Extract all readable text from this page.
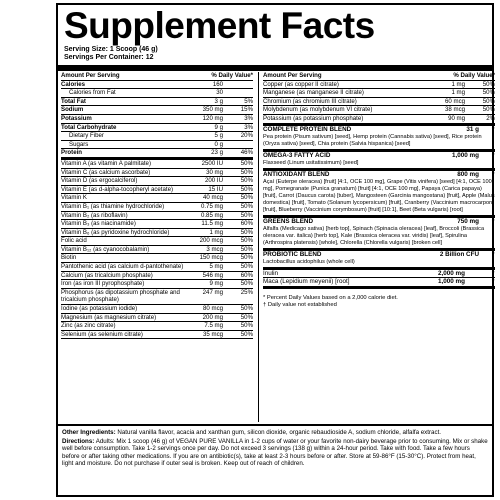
Supplement Facts
Serving Size: 1 Scoop (46 g)
Servings Per Container: 12
Amount Per Serving	% Daily Value*
Calories	160
Calories from Fat	30
Total Fat	3 g	5%
Sodium	350 mg	15%
Potassium	120 mg	3%
Total Carbohydrate	9 g	3%
Dietary Fiber	5 g	20%
Sugars	0 g
Protein	23 g	46%
Vitamin A (as vitamin A palmitate)	2500 IU	50%
Vitamin C (as calcium ascorbate)	30 mg	50%
Vitamin D (as ergocalciferol)	200 IU	50%
Vitamin E (as d-alpha-tocopheryl acetate)	15 IU	50%
Vitamin K	40 mcg	50%
Vitamin B₁ (as thiamine hydrochloride)	0.75 mg	50%
Vitamin B₂ (as riboflavin)	0.85 mg	50%
Vitamin B₃ (as niacinamide)	11.5 mg	60%
Vitamin B₆ (as pyridoxine hydrochloride)	1 mg	50%
Folic acid	200 mcg	50%
Vitamin B₁₂ (as cyanocobalamin)	3 mcg	50%
Biotin	150 mcg	50%
Pantothenic acid (as calcium d-pantothenate)	5 mg	50%
Calcium (as tricalcium phosphate)	546 mg	60%
Iron (as iron III pyrophosphate)	9 mg	50%
Phosphorus (as dipotassium phosphate and tricalcium phosphate)
247 mg	25%
Iodine (as potassium iodide)	80 mcg	50%
Magnesium (as magnesium citrate)	200 mg	50%
Zinc (as zinc citrate)	7.5 mg	50%
Selenium (as selenium citrate)	35 mcg	50%
Amount Per Serving	% Daily Value*
Copper (as copper II citrate)	1 mg	50%
Manganese (as manganese II citrate)	1 mg	50%
Chromium (as chromium III citrate)	60 mcg	50%
Molybdenum (as molybdenum VI citrate)	38 mcg	50%
Potassium (as potassium phosphate)	90 mg	2%
COMPLETE PROTEIN BLEND	31 g	†
Pea protein (Pisum sativum) [seed], Hemp protein (Cannabis sativa) [seed], Rice protein (Oryza sativa) [seed], Chia protein (Salvia hispanica) [seed]
OMEGA-3 FATTY ACID	1,000 mg	†
Flaxseed (Linum usitatissimum) [seed]
ANTIOXIDANT BLEND	800 mg	†
Açaí (Euterpe oleracea) [fruit] [4:1, OCE 100 mg], Grape (Vitis vinifera) [seed] [4:1, OCE 100 mg], Pomegranate (Punica granatum) [fruit] [4:1, OCE 100 mg], Papaya (Carica papaya) [fruit], Carrot (Daucus carota) [tuber], Mangosteen (Garcinia mangostana) [fruit], Apple (Malus domestica) [fruit], Tomato (Solanum lycopersicum) [fruit], Cranberry (Vaccinium macrocarpon) [fruit], Blueberry (Vaccinium corymbosum) [fruit] [10:1], Beet (Beta vulgaris) [root]
GREENS BLEND	750 mg	†
Alfalfa (Medicago sativa) [herb top], Spinach (Spinacia oleracea) [leaf], Broccoli (Brassica oleracea var. italica) [herb top], Kale (Brassica oleracea var. viridis) [leaf], Spirulina (Arthrospira platensis) [whole], Chlorella (Chlorella vulgaris) [broken cell]
PROBIOTIC BLEND	2 Billion CFU	†
Lactobacillus acidophilus (whole cell)
Inulin	2,000 mg	†
Maca (Lepidium meyenii) [root]	1,000 mg	†
* Percent Daily Values based on a 2,000 calorie diet.
† Daily value not established

Other Ingredients: Natural vanilla flavor, acacia and xanthan gum, silicon dioxide, organic rebaudioside A, sodium chloride, alfalfa extract.

Directions: Adults: Mix 1 scoop (46 g) of VEGAN PURE VANILLA in 1-2 cups of water or your favorite non-dairy beverage prior to consuming. Mix or shake well before consumption. Take 1-2 servings once per day. Do not exceed 3 servings (138 g) within a 24-hour period. Take with food. Take a few hours before or after taking other medications. If you are on antibiotic(s), take at least 2-3 hours before or after. Store at 59-86°F (15-30°C). Protect from heat, light and moisture. Do not purchase if outer seal is broken. Keep out of reach of children.
